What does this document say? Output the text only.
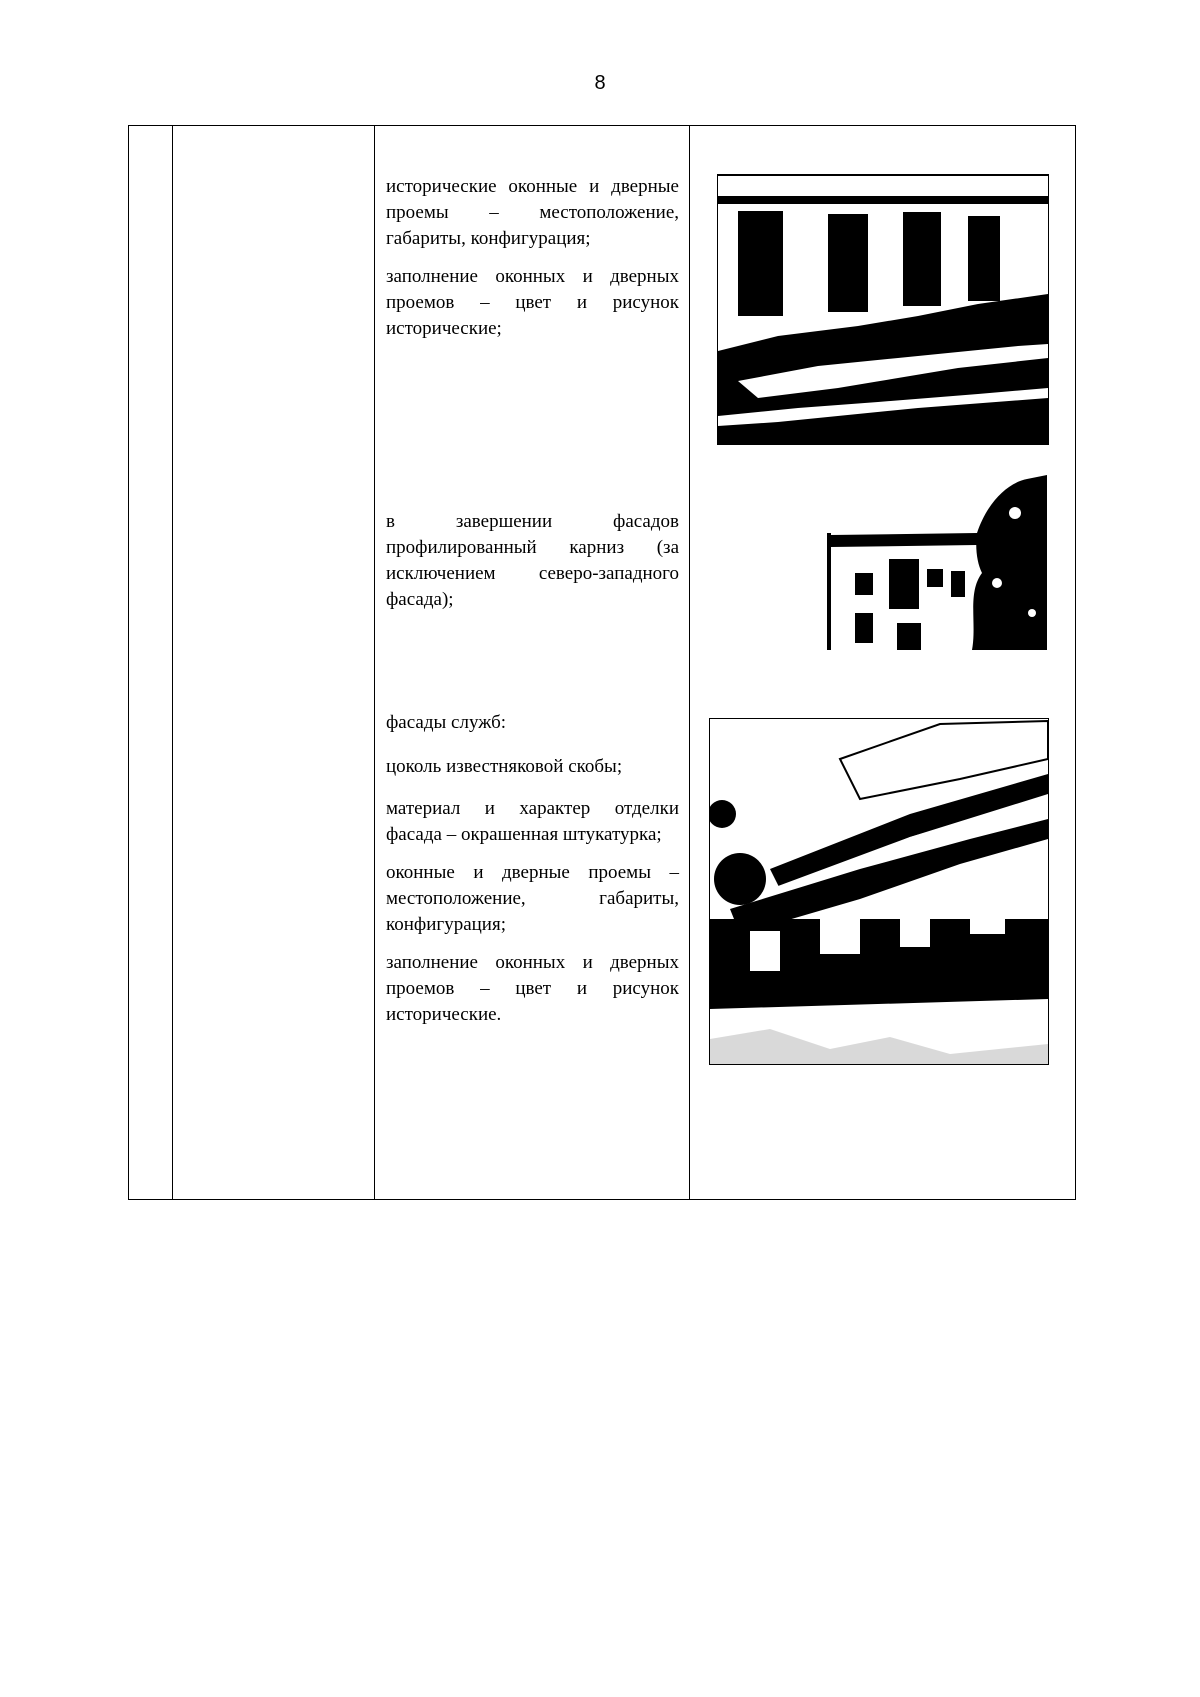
8

исторические оконные и дверные проемы – местоположение, габариты, конфигурация;

заполнение оконных и дверных проемов – цвет и рисунок исторические;

в завершении фасадов профилированный карниз (за исключением северо-западного фасада);

фасады служб:

цоколь известняковой скобы;

материал и характер отделки фасада – окрашенная штукатурка;

оконные и дверные проемы – местоположение, габариты, конфигурация;

заполнение оконных и дверных проемов – цвет и рисунок исторические.
